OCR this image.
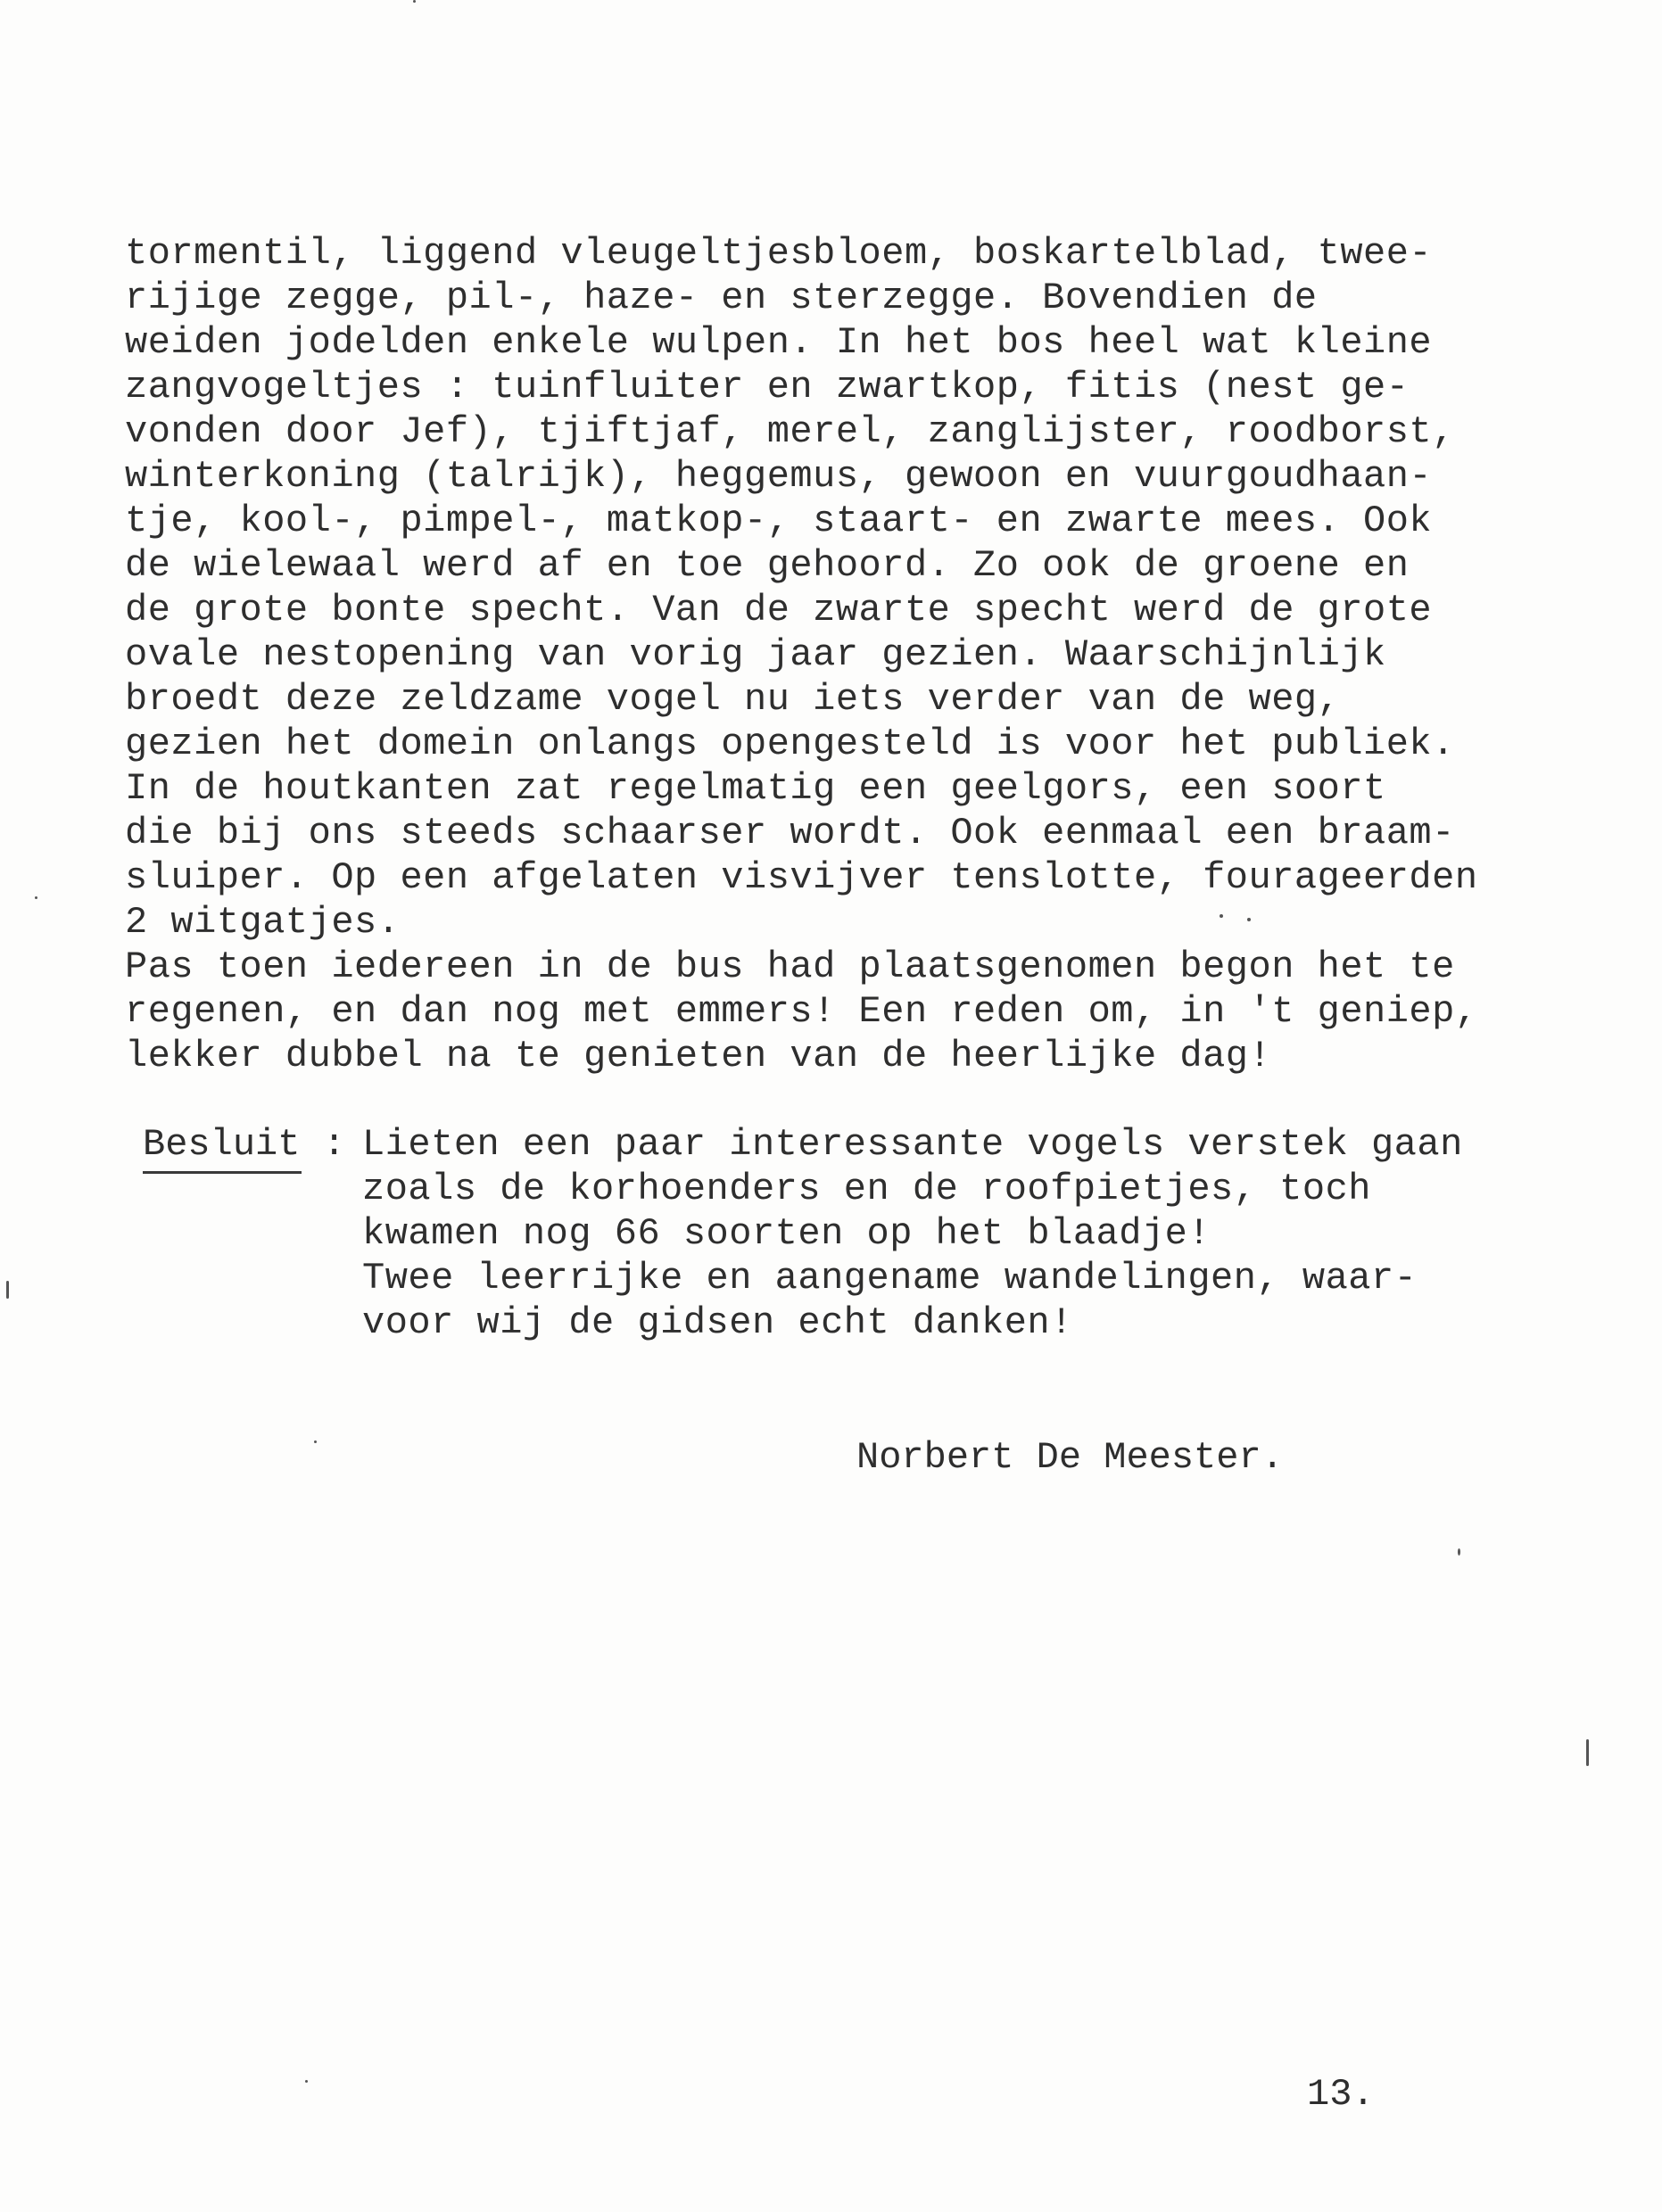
tormentil, liggend vleugeltjesbloem, boskartelblad, twee-
rijige zegge, pil-, haze- en sterzegge. Bovendien de
weiden jodelden enkele wulpen. In het bos heel wat kleine
zangvogeltjes : tuinfluiter en zwartkop, fitis (nest ge-
vonden door Jef), tjiftjaf, merel, zanglijster, roodborst,
winterkoning (talrijk), heggemus, gewoon en vuurgoudhaan-
tje, kool-, pimpel-, matkop-, staart- en zwarte mees. Ook
de wielewaal werd af en toe gehoord. Zo ook de groene en
de grote bonte specht. Van de zwarte specht werd de grote
ovale nestopening van vorig jaar gezien. Waarschijnlijk
broedt deze zeldzame vogel nu iets verder van de weg,
gezien het domein onlangs opengesteld is voor het publiek.
In de houtkanten zat regelmatig een geelgors, een soort
die bij ons steeds schaarser wordt. Ook eenmaal een braam-
sluiper. Op een afgelaten visvijver tenslotte, fourageerden
2 witgatjes.
Pas toen iedereen in de bus had plaatsgenomen begon het te
regenen, en dan nog met emmers! Een reden om, in 't geniep,
lekker dubbel na te genieten van de heerlijke dag!
Besluit : Lieten een paar interessante vogels verstek gaan
zoals de korhoenders en de roofpietjes, toch
kwamen nog 66 soorten op het blaadje!
Twee leerrijke en aangename wandelingen, waar-
voor wij de gidsen echt danken!
Norbert De Meester.
13.
